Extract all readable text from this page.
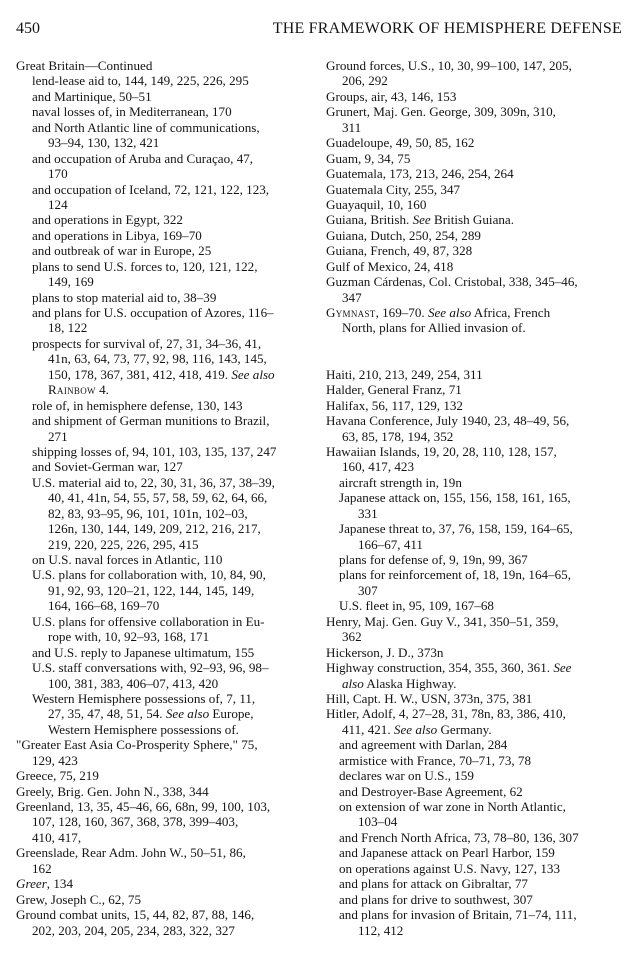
450	THE FRAMEWORK OF HEMISPHERE DEFENSE
Great Britain—Continued
lend-lease aid to, 144, 149, 225, 226, 295
and Martinique, 50–51
naval losses of, in Mediterranean, 170
and North Atlantic line of communications,
93–94, 130, 132, 421
and occupation of Aruba and Curaçao, 47,
170
and occupation of Iceland, 72, 121, 122, 123,
124
and operations in Egypt, 322
and operations in Libya, 169–70
and outbreak of war in Europe, 25
plans to send U.S. forces to, 120, 121, 122,
149, 169
plans to stop material aid to, 38–39
and plans for U.S. occupation of Azores, 116–
18, 122
prospects for survival of, 27, 31, 34–36, 41,
41n, 63, 64, 73, 77, 92, 98, 116, 143, 145,
150, 178, 367, 381, 412, 418, 419. See also
Rainbow 4.
role of, in hemisphere defense, 130, 143
and shipment of German munitions to Brazil,
271
shipping losses of, 94, 101, 103, 135, 137, 247
and Soviet-German war, 127
U.S. material aid to, 22, 30, 31, 36, 37, 38–39,
40, 41, 41n, 54, 55, 57, 58, 59, 62, 64, 66,
82, 83, 93–95, 96, 101, 101n, 102–03,
126n, 130, 144, 149, 209, 212, 216, 217,
219, 220, 225, 226, 295, 415
on U.S. naval forces in Atlantic, 110
U.S. plans for collaboration with, 10, 84, 90,
91, 92, 93, 120–21, 122, 144, 145, 149,
164, 166–68, 169–70
U.S. plans for offensive collaboration in Eu-
rope with, 10, 92–93, 168, 171
and U.S. reply to Japanese ultimatum, 155
U.S. staff conversations with, 92–93, 96, 98–
100, 381, 383, 406–07, 413, 420
Western Hemisphere possessions of, 7, 11,
27, 35, 47, 48, 51, 54. See also Europe,
Western Hemisphere possessions of.
"Greater East Asia Co-Prosperity Sphere," 75,
129, 423
Greece, 75, 219
Greely, Brig. Gen. John N., 338, 344
Greenland, 13, 35, 45–46, 66, 68n, 99, 100, 103,
107, 128, 160, 367, 368, 378, 399–403,
410, 417,
Greenslade, Rear Adm. John W., 50–51, 86,
162
Greer, 134
Grew, Joseph C., 62, 75
Ground combat units, 15, 44, 82, 87, 88, 146,
202, 203, 204, 205, 234, 283, 322, 327
Ground forces, U.S., 10, 30, 99–100, 147, 205,
206, 292
Groups, air, 43, 146, 153
Grunert, Maj. Gen. George, 309, 309n, 310,
311
Guadeloupe, 49, 50, 85, 162
Guam, 9, 34, 75
Guatemala, 173, 213, 246, 254, 264
Guatemala City, 255, 347
Guayaquil, 10, 160
Guiana, British. See British Guiana.
Guiana, Dutch, 250, 254, 289
Guiana, French, 49, 87, 328
Gulf of Mexico, 24, 418
Guzman Cárdenas, Col. Cristobal, 338, 345–46,
347
Gymnast, 169–70. See also Africa, French
North, plans for Allied invasion of.
Haiti, 210, 213, 249, 254, 311
Halder, General Franz, 71
Halifax, 56, 117, 129, 132
Havana Conference, July 1940, 23, 48–49, 56,
63, 85, 178, 194, 352
Hawaiian Islands, 19, 20, 28, 110, 128, 157,
160, 417, 423
aircraft strength in, 19n
Japanese attack on, 155, 156, 158, 161, 165,
331
Japanese threat to, 37, 76, 158, 159, 164–65,
166–67, 411
plans for defense of, 9, 19n, 99, 367
plans for reinforcement of, 18, 19n, 164–65,
307
U.S. fleet in, 95, 109, 167–68
Henry, Maj. Gen. Guy V., 341, 350–51, 359,
362
Hickerson, J. D., 373n
Highway construction, 354, 355, 360, 361. See
also Alaska Highway.
Hill, Capt. H. W., USN, 373n, 375, 381
Hitler, Adolf, 4, 27–28, 31, 78n, 83, 386, 410,
411, 421. See also Germany.
and agreement with Darlan, 284
armistice with France, 70–71, 73, 78
declares war on U.S., 159
and Destroyer-Base Agreement, 62
on extension of war zone in North Atlantic,
103–04
and French North Africa, 73, 78–80, 136, 307
and Japanese attack on Pearl Harbor, 159
on operations against U.S. Navy, 127, 133
and plans for attack on Gibraltar, 77
and plans for drive to southwest, 307
and plans for invasion of Britain, 71–74, 111,
112, 412
